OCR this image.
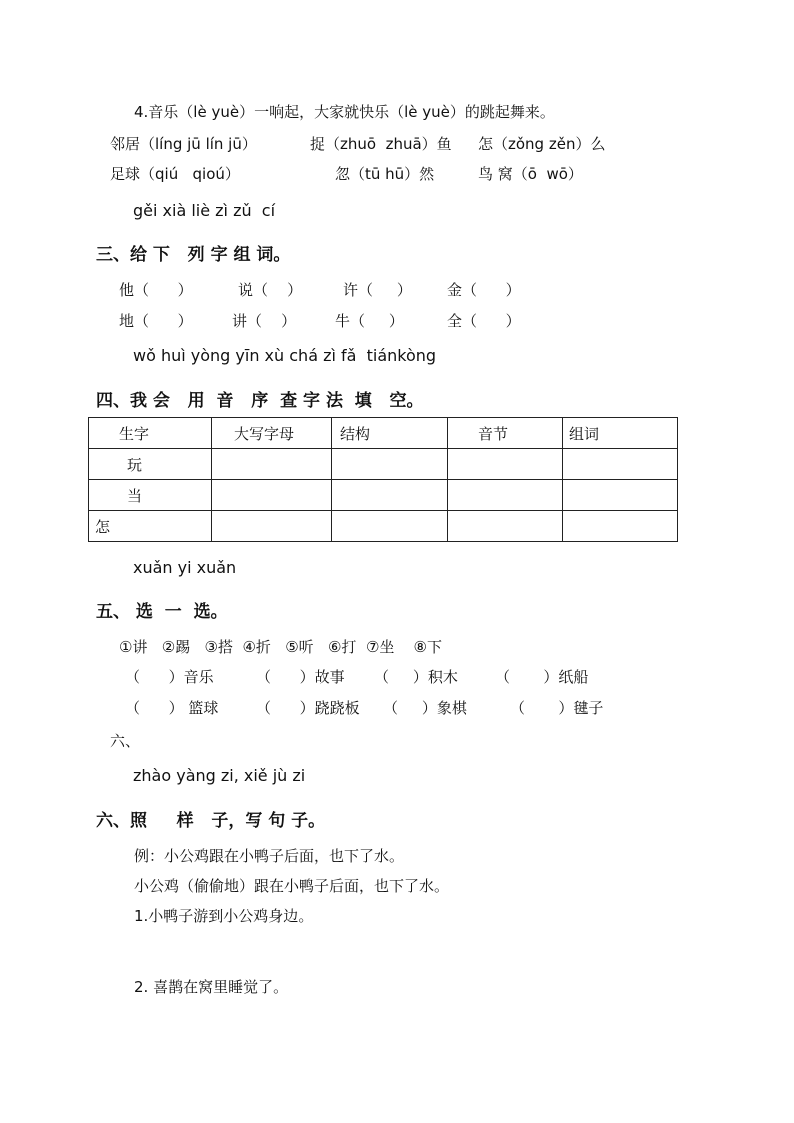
4.音乐（lè yuè）一响起，大家就快乐（lè yuè）的跳起舞来。
邻居（líng jū lín jū）	捉（zhuō  zhuā）鱼 怎（zǒng zěn）么
足球（qiú   qioú）	忽（tū hū）然	鸟 窝（ō  wō）
gěi xià liè zì zǔ  cí
三、给 下   列 字 组 词。
他（      ）	说（    ）	许（     ） 金（      ）
地（      ）	讲（    ）	牛（     ）	全（      ）
wǒ huì yòng yīn xù chá zì fǎ  tiánkòng
四、我 会   用  音   序  查 字 法  填   空。
生字	大写字母	结构	音节	组词
玩				
当				
怎				
xuǎn yi xuǎn
五、 选  一  选。
①讲   ②踢   ③搭  ④折   ⑤听   ⑥打  ⑦坐    ⑧下
（      ）音乐	（      ）故事 （     ）积木 （       ）纸船
（      ） 篮球	（      ）跷跷板 （     ）象棋	（       ）毽子
六、
zhào yàng zi, xiě jù zi
六、照     样   子，写 句 子。
例：小公鸡跟在小鸭子后面，也下了水。
小公鸡（偷偷地）跟在小鸭子后面，也下了水。
1.小鸭子游到小公鸡身边。
2. 喜鹊在窝里睡觉了。
